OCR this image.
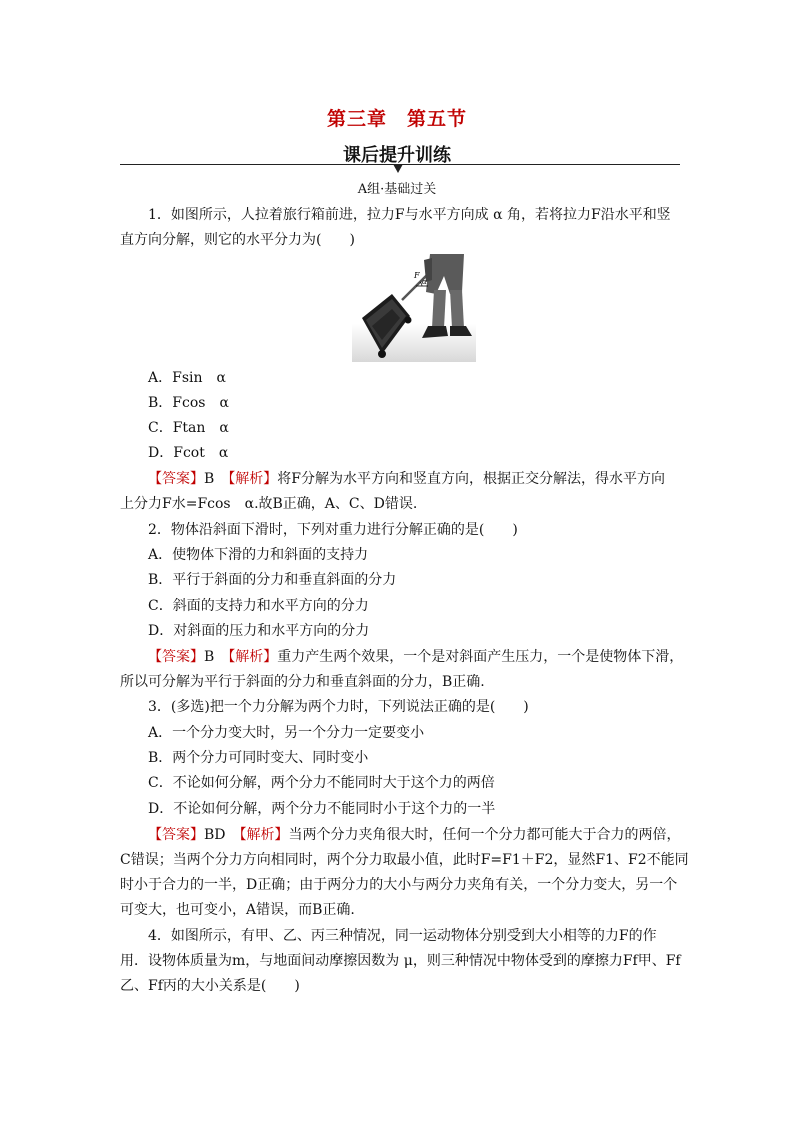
第三章　第五节
课后提升训练
A组·基础过关
1．如图所示，人拉着旅行箱前进，拉力F与水平方向成 α 角，若将拉力F沿水平和竖
直方向分解，则它的水平分力为(　　)
F
α
A．Fsin　α
B．Fcos　α
C．Ftan　α
D．Fcot　α
【答案】B　 【解析】将F分解为水平方向和竖直方向，根据正交分解法，得水平方向
上分力F水=Fcos　α.故B正确，A、C、D错误.
2．物体沿斜面下滑时，下列对重力进行分解正确的是(　　)
A．使物体下滑的力和斜面的支持力
B．平行于斜面的分力和垂直斜面的分力
C．斜面的支持力和水平方向的分力
D．对斜面的压力和水平方向的分力
【答案】B　 【解析】重力产生两个效果，一个是对斜面产生压力，一个是使物体下滑，
所以可分解为平行于斜面的分力和垂直斜面的分力，B正确.
3．(多选)把一个力分解为两个力时，下列说法正确的是(　　)
A．一个分力变大时，另一个分力一定要变小
B．两个分力可同时变大、同时变小
C．不论如何分解，两个分力不能同时大于这个力的两倍
D．不论如何分解，两个分力不能同时小于这个力的一半
【答案】BD　 【解析】当两个分力夹角很大时，任何一个分力都可能大于合力的两倍，
C错误；当两个分力方向相同时，两个分力取最小值，此时F=F1＋F2，显然F1、F2不能同
时小于合力的一半，D正确；由于两分力的大小与两分力夹角有关，一个分力变大，另一个
可变大，也可变小，A错误，而B正确.
4．如图所示，有甲、乙、丙三种情况，同一运动物体分别受到大小相等的力F的作
用．设物体质量为m，与地面间动摩擦因数为 μ，则三种情况中物体受到的摩擦力Ff甲、Ff
乙、Ff丙的大小关系是(　　)
